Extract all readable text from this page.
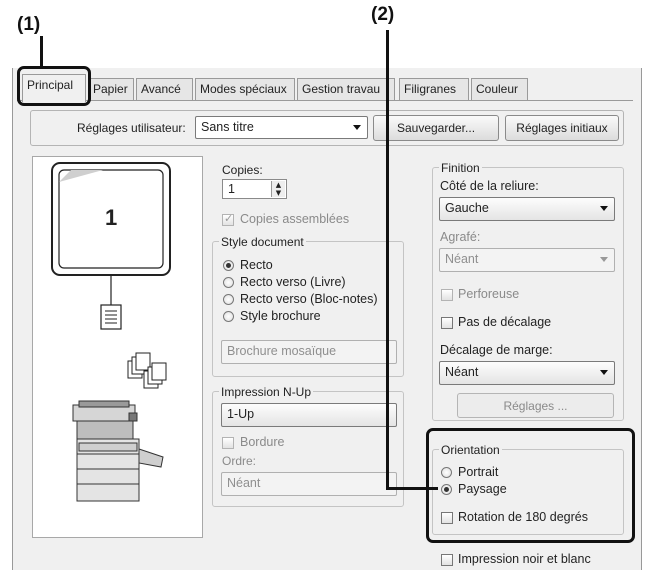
(1)	(2)
Principal	Papier	Avancé	Modes spéciaux	Gestion travau	Filigranes	Couleur
Réglages utilisateur:	Sans titre	Sauvegarder...	Réglages initiaux
1
Copies:
1	▲
▼
✓
Copies assemblées
Style document
Recto
Recto verso (Livre)
Recto verso (Bloc-notes)
Style brochure
Brochure mosaïque
Impression N-Up
1-Up
Bordure
Ordre:
Néant
Finition
Côté de la reliure:
Gauche
Agrafé:
Néant
Perforeuse
Pas de décalage
Décalage de marge:
Néant
Réglages ...
Orientation
Portrait
Paysage
Rotation de 180 degrés
Impression noir et blanc
